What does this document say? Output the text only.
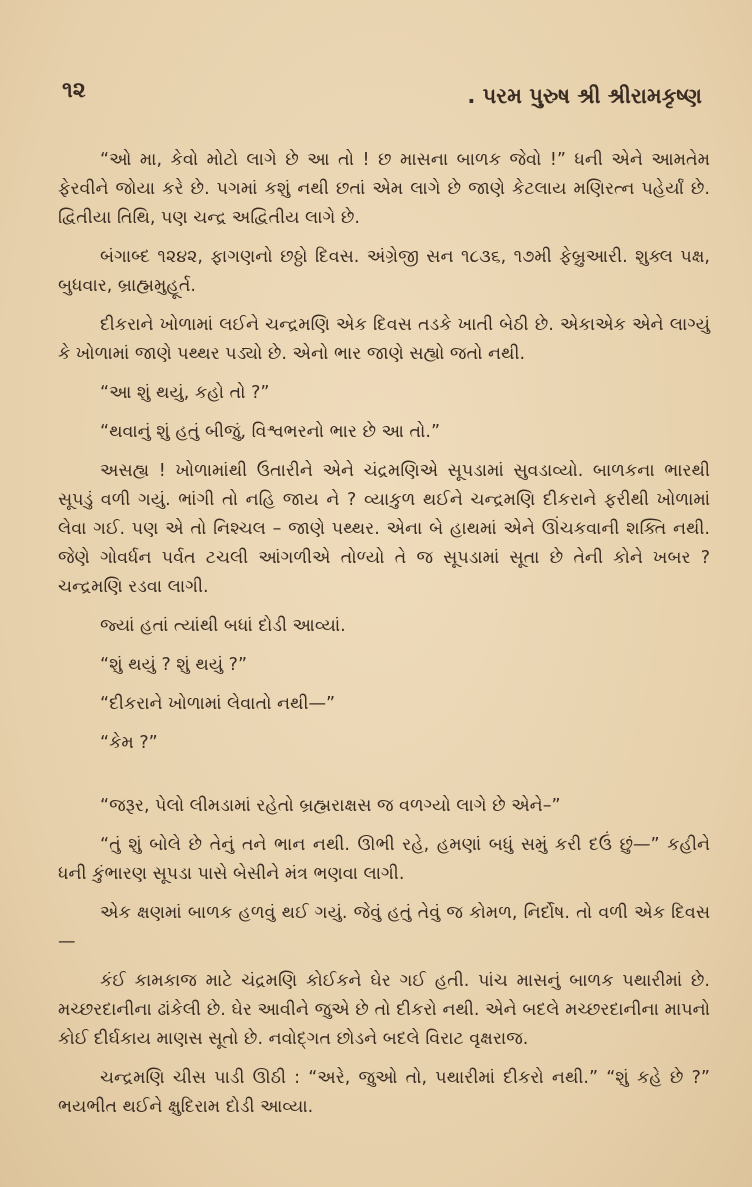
૧૨	. પરમ પુરુષ શ્રી શ્રીરામકૃષ્ણ

“ઓ મા, કેવો મોટો લાગે છે આ તો ! છ માસના બાળક જેવો !” ધની એને આમતેમ ફેરવીને જોયા કરે છે. પગમાં કશું નથી છતાં એમ લાગે છે જાણે કેટલાય મણિરત્ન પહેર્યાં છે. દ્વિતીયા તિથિ, પણ ચન્દ્ર અદ્વિતીય લાગે છે.

બંગાબ્દ ૧૨૪૨, ફાગણનો છઠ્ઠો દિવસ. અંગ્રેજી સન ૧૮૩૬, ૧૭મી ફેબ્રુઆરી. શુક્લ પક્ષ, બુધવાર, બ્રાહ્મમુહૂર્ત.

દીકરાને ખોળામાં લઈને ચન્દ્રમણિ એક દિવસ તડકે ખાતી બેઠી છે. એકાએક એને લાગ્યું કે ખોળામાં જાણે પથ્થર પડ્યો છે. એનો ભાર જાણે સહ્યો જતો નથી.

“આ શું થયું, કહો તો ?”

“થવાનું શું હતું બીજું, વિશ્વભરનો ભાર છે આ તો.”

અસહ્ય ! ખોળામાંથી ઉતારીને એને ચંદ્રમણિએ સૂપડામાં સુવડાવ્યો. બાળકના ભારથી સૂપડું વળી ગયું. ભાંગી તો નહિ જાય ને ? વ્યાકુળ થઈને ચન્દ્રમણિ દીકરાને ફરીથી ખોળામાં લેવા ગઈ. પણ એ તો નિશ્ચલ – જાણે પથ્થર. એના બે હાથમાં એને ઊંચકવાની શક્તિ નથી. જેણે ગોવર્ધન પર્વત ટચલી આંગળીએ તોળ્યો તે જ સૂપડામાં સૂતા છે તેની કોને ખબર ? ચન્દ્રમણિ રડવા લાગી.

જ્યાં હતાં ત્યાંથી બધાં દોડી આવ્યાં.

“શું થયું ? શું થયું ?”

“દીકરાને ખોળામાં લેવાતો નથી—”

“કેમ ?”

“જરૂર, પેલો લીમડામાં રહેતો બ્રહ્મરાક્ષસ જ વળગ્યો લાગે છે એને–”

“તું શું બોલે છે તેનું તને ભાન નથી. ઊભી રહે, હમણાં બધું સમું કરી દઉં છું—” કહીને ધની કુંભારણ સૂપડા પાસે બેસીને મંત્ર ભણવા લાગી.

એક ક્ષણમાં બાળક હળવું થઈ ગયું. જેવું હતું તેવું જ કોમળ, નિર્દોષ. તો વળી એક દિવસ—

કંઈ કામકાજ માટે ચંદ્રમણિ કોઈકને ઘેર ગઈ હતી. પાંચ માસનું બાળક પથારીમાં છે. મચ્છરદાનીના ઢાંકેલી છે. ઘેર આવીને જુએ છે તો દીકરો નથી. એને બદલે મચ્છરદાનીના માપનો કોઈ દીર્ઘકાય માણસ સૂતો છે. નવોદ્ગત છોડને બદલે વિરાટ વૃક્ષરાજ.

ચન્દ્રમણિ ચીસ પાડી ઊઠી : “અરે, જુઓ તો, પથારીમાં દીકરો નથી.” “શું કહે છે ?” ભયભીત થઈને ક્ષુદિરામ દોડી આવ્યા.
